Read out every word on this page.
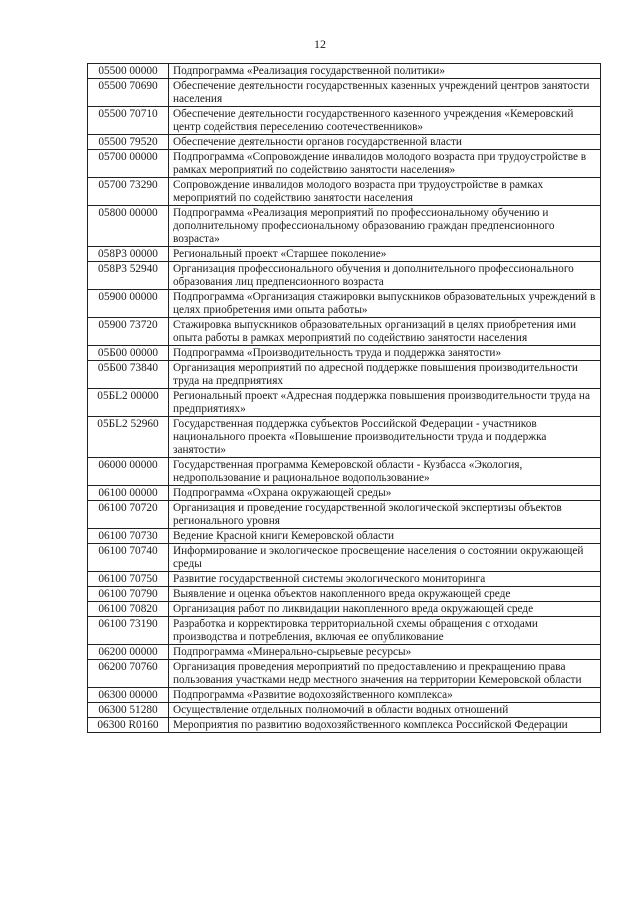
12
05500 00000	Подпрограмма «Реализация государственной политики»
05500 70690	Обеспечение деятельности государственных казенных учреждений центров занятости населения
05500 70710	Обеспечение деятельности государственного казенного учреждения «Кемеровский центр содействия переселению соотечественников»
05500 79520	Обеспечение деятельности органов государственной власти
05700 00000	Подпрограмма «Сопровождение инвалидов молодого возраста при трудоустройстве в рамках мероприятий по содействию занятости населения»
05700 73290	Сопровождение инвалидов молодого возраста при трудоустройстве в рамках мероприятий по содействию занятости населения
05800 00000	Подпрограмма «Реализация мероприятий по профессиональному обучению и дополнительному профессиональному образованию граждан предпенсионного возраста»
058P3 00000	Региональный проект «Старшее поколение»
058P3 52940	Организация профессионального обучения и дополнительного профессионального образования лиц предпенсионного возраста
05900 00000	Подпрограмма «Организация стажировки выпускников образовательных учреждений в целях приобретения ими опыта работы»
05900 73720	Стажировка выпускников образовательных организаций в целях приобретения ими опыта работы в рамках мероприятий по содействию занятости населения
05Б00 00000	Подпрограмма «Производительность труда и поддержка занятости»
05Б00 73840	Организация мероприятий по адресной поддержке повышения производительности труда на предприятиях
05БL2 00000	Региональный проект «Адресная поддержка повышения производительности труда на предприятиях»
05БL2 52960	Государственная поддержка субъектов Российской Федерации - участников национального проекта «Повышение производительности труда и поддержка занятости»
06000 00000	Государственная программа Кемеровской области - Кузбасса «Экология, недропользование и рациональное водопользование»
06100 00000	Подпрограмма «Охрана окружающей среды»
06100 70720	Организация и проведение государственной экологической экспертизы объектов регионального уровня
06100 70730	Ведение Красной книги Кемеровской области
06100 70740	Информирование и экологическое просвещение населения о состоянии окружающей среды
06100 70750	Развитие государственной системы экологического мониторинга
06100 70790	Выявление и оценка объектов накопленного вреда окружающей среде
06100 70820	Организация работ по ликвидации накопленного вреда окружающей среде
06100 73190	Разработка и корректировка территориальной схемы обращения с отходами производства и потребления, включая ее опубликование
06200 00000	Подпрограмма «Минерально-сырьевые ресурсы»
06200 70760	Организация проведения мероприятий по предоставлению и прекращению права пользования участками недр местного значения на территории Кемеровской области
06300 00000	Подпрограмма «Развитие водохозяйственного комплекса»
06300 51280	Осуществление отдельных полномочий в области водных отношений
06300 R0160	Мероприятия по развитию водохозяйственного комплекса Российской Федерации
